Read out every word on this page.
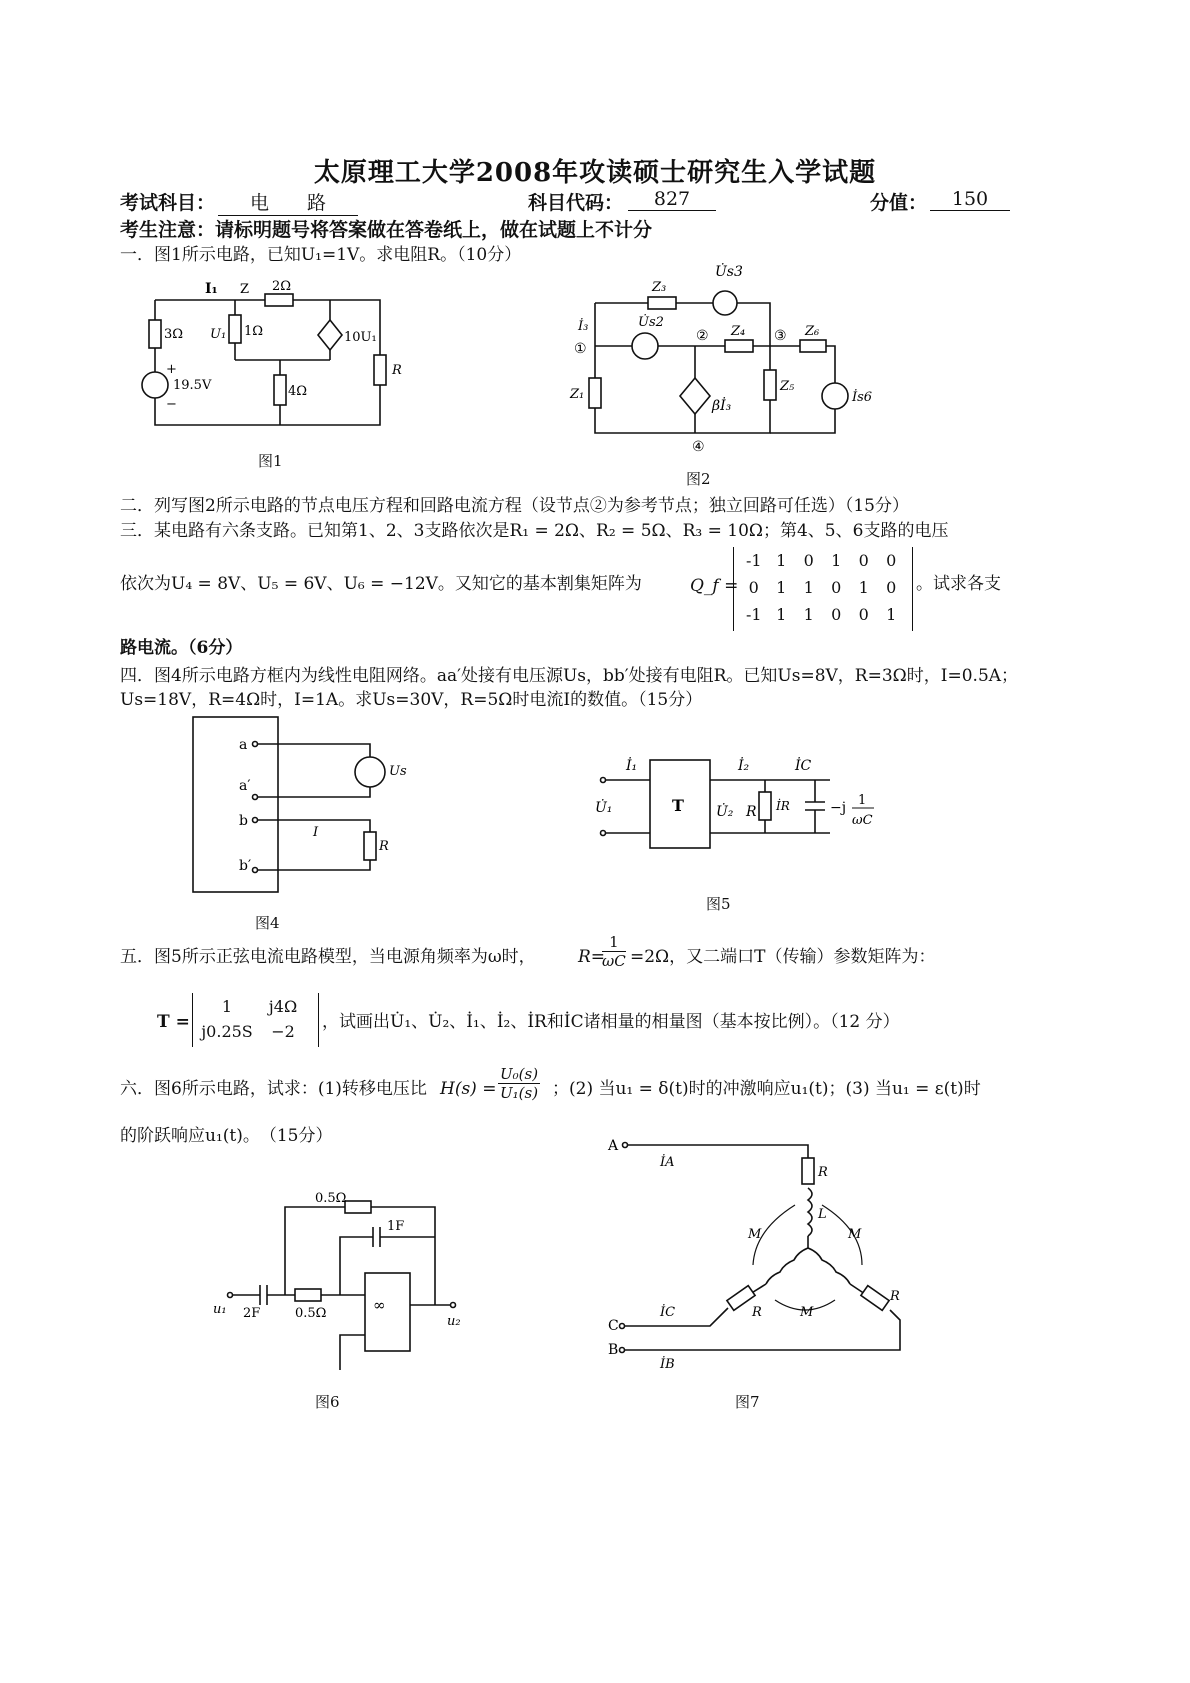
太原理工大学2008年攻读硕士研究生入学试题
考试科目：	电　　路	科目代码：	827	分值：	150
考生注意：请标明题号将答案做在答卷纸上，做在试题上不计分
一．图1所示电路，已知U₁=1V。求电阻R。（10分）
I₁ Z 2Ω
3Ω U₁ 1Ω	10U₁
19.5V	4Ω
R
+
−
图1
U̇s3
Z₃
U̇s2
İ₃
①
②	③
④
Z₄	Z₆
Z₁
Z₅
βİ₃
İs6
图2
二．列写图2所示电路的节点电压方程和回路电流方程（设节点②为参考节点；独立回路可任选）（15分）
三．某电路有六条支路。已知第1、2、3支路依次是R₁ = 2Ω、R₂ = 5Ω、R₃ = 10Ω；第4、5、6支路的电压
依次为U₄ = 8V、U₅ = 6V、U₆ = −12V。又知它的基本割集矩阵为	Q_f =
-1 1	0	1	0	0
0	1	1	0	1	0
-1 1	1	0	0	1
。试求各支
路电流。（6分）
四．图4所示电路方框内为线性电阻网络。aa′处接有电压源Us，bb′处接有电阻R。已知Us=8V，R=3Ω时，I=0.5A；
Us=18V，R=4Ω时，I=1A。求Us=30V，R=5Ω时电流I的数值。（15分）
a
a′
b
b′
Us
I
R
图4
İ₁
U̇₁	T
İ₂
U̇₂ R İR
İC
−j 1
ωC
图5
五．图5所示正弦电流电路模型，当电源角频率为ω时， R=
$\frac{1}{\omega C} =2\Omega$，又二端口T（传输）参数矩阵为：
T =
1	j4Ω
j0.25S	−2	，试画出U̇₁、U̇₂、İ₁、İ₂、İR和İC诸相量的相量图（基本按比例）。（12 分）
六．图6所示电路，试求：(1)转移电压比 $H(s) = \frac{\text{U₀(s)}}{\text{U₁(s)}}$ ；(2) 当u₁ = δ(t)时的冲激响应u₁(t)；(3) 当u₁ = ε(t)时
的阶跃响应u₁(t)。　（15分）
0.5Ω
1F
u₁ 2F	0.5Ω	∞
u₂
图6
A
İA
R
L
M	M
M
R
R
C
İC
B
İB
图7
